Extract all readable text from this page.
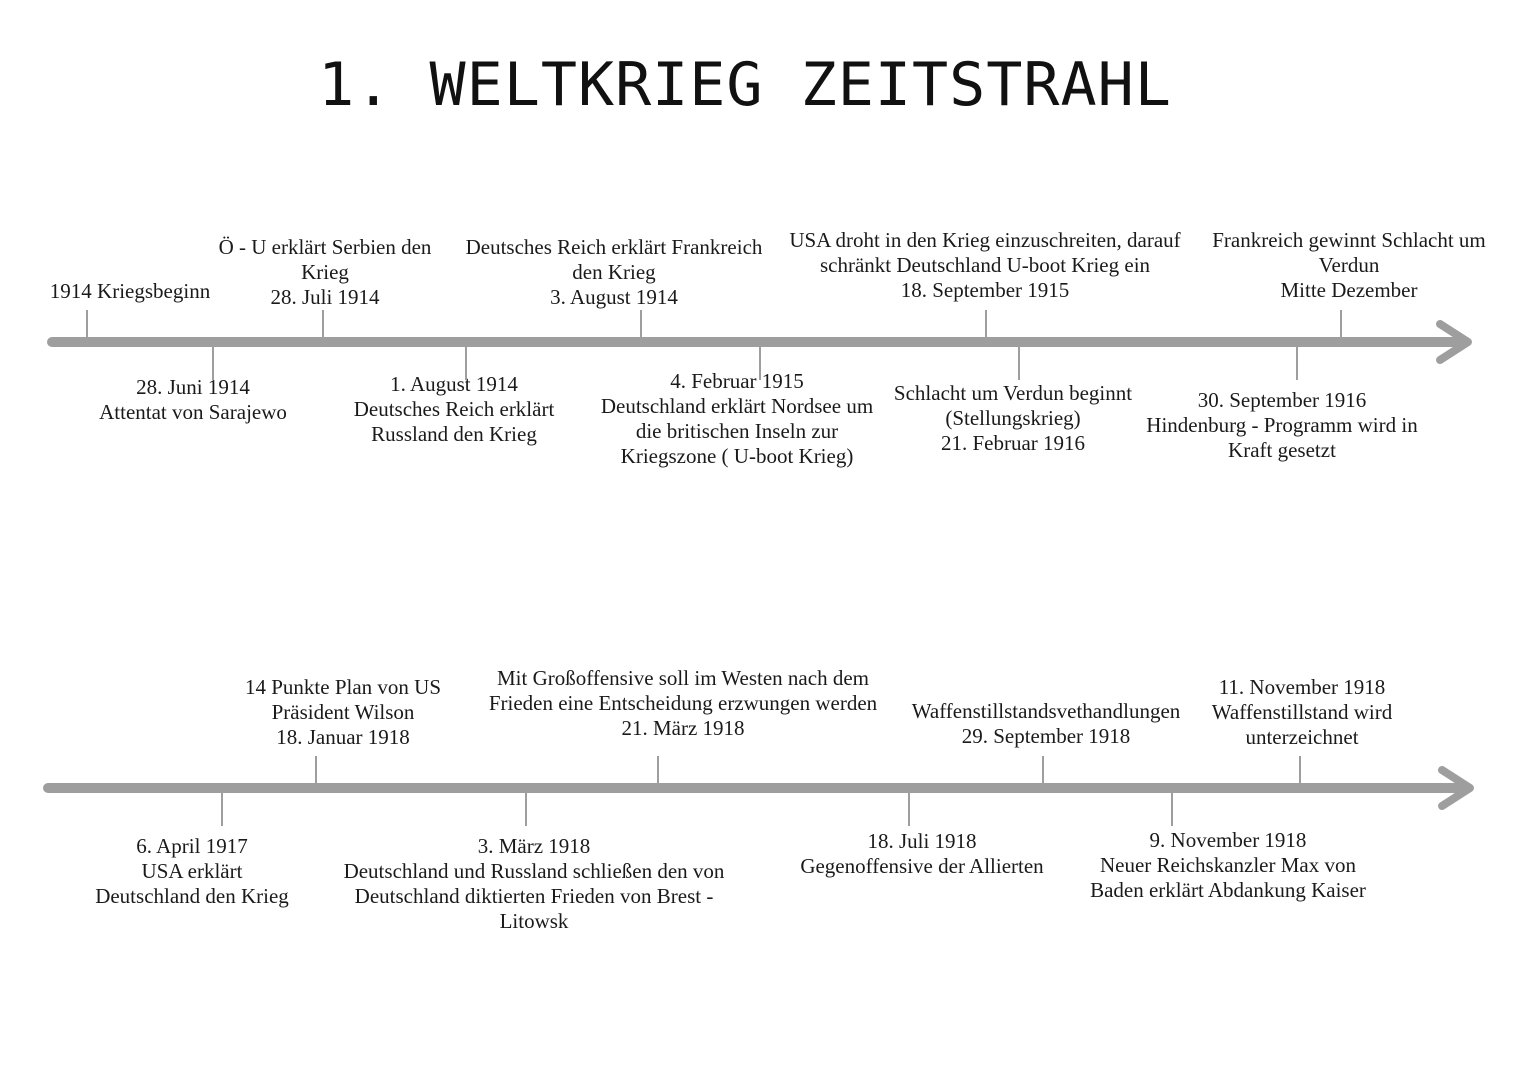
1. WELTKRIEG ZEITSTRAHL
1914 Kriegsbeginn
28. Juni 1914
Attentat von Sarajewo
Ö - U erklärt Serbien den
Krieg
28. Juli 1914
1. August 1914
Deutsches Reich erklärt
Russland den Krieg
Deutsches Reich erklärt Frankreich
den Krieg
3. August 1914
4. Februar 1915
Deutschland erklärt Nordsee um
die britischen Inseln zur
Kriegszone ( U-boot Krieg)
USA droht in den Krieg einzuschreiten, darauf
schränkt Deutschland U-boot Krieg ein
18. September 1915
Schlacht um Verdun beginnt
(Stellungskrieg)
21. Februar 1916
30. September 1916
Hindenburg - Programm wird in
Kraft gesetzt
Frankreich gewinnt Schlacht um
Verdun
Mitte Dezember
6. April 1917
USA erklärt
Deutschland den Krieg
14 Punkte Plan von US
Präsident Wilson
18. Januar 1918
3. März 1918
Deutschland und Russland schließen den von
Deutschland diktierten Frieden von Brest -
Litowsk
Mit Großoffensive soll im Westen nach dem
Frieden eine Entscheidung erzwungen werden
21. März 1918
18. Juli 1918
Gegenoffensive der Allierten
Waffenstillstandsvethandlungen
29. September 1918
9. November 1918
Neuer Reichskanzler Max von
Baden erklärt Abdankung Kaiser
11. November 1918
Waffenstillstand wird
unterzeichnet
